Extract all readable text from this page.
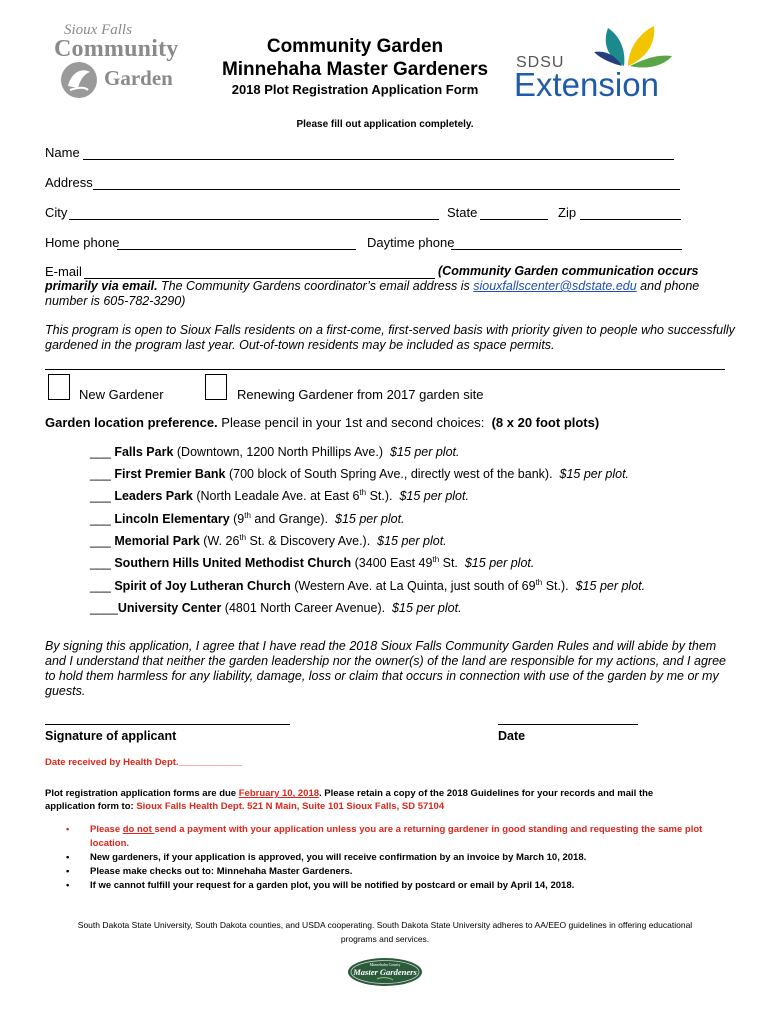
Sioux Falls
Community
Garden
Community Garden
Minnehaha Master Gardeners
2018 Plot Registration Application Form
SDSU
Extension
Please fill out application completely.
Name
Address
City	State	Zip
Home phone	Daytime phone
E-mail	(Community Garden communication occurs
primarily via email. The Community Gardens coordinator’s email address is siouxfallscenter@sdstate.edu and phone
number is 605-782-3290)
This program is open to Sioux Falls residents on a first-come, first-served basis with priority given to people who successfully gardened in the program last year. Out-of-town residents may be included as space permits.
New Gardener	Renewing Gardener from 2017 garden site
Garden location preference. Please pencil in your 1st and second choices: (8 x 20 foot plots)
___ Falls Park (Downtown, 1200 North Phillips Ave.) $15 per plot.
___ First Premier Bank (700 block of South Spring Ave., directly west of the bank). $15 per plot.
___ Leaders Park (North Leadale Ave. at East 6th St.). $15 per plot.
___ Lincoln Elementary (9th and Grange). $15 per plot.
___ Memorial Park (W. 26th St. & Discovery Ave.). $15 per plot.
___ Southern Hills United Methodist Church (3400 East 49th St. $15 per plot.
___ Spirit of Joy Lutheran Church (Western Ave. at La Quinta, just south of 69th St.). $15 per plot.
____University Center (4801 North Career Avenue). $15 per plot.
By signing this application, I agree that I have read the 2018 Sioux Falls Community Garden Rules and will abide by them and I understand that neither the garden leadership nor the owner(s) of the land are responsible for my actions, and I agree to hold them harmless for any liability, damage, loss or claim that occurs in connection with use of the garden by me or my guests.
Signature of applicant	Date
Date received by Health Dept.____________
Plot registration application forms are due February 10, 2018. Please retain a copy of the 2018 Guidelines for your records and mail the
application form to: Sioux Falls Health Dept. 521 N Main, Suite 101 Sioux Falls, SD 57104
• Please do not send a payment with your application unless you are a returning gardener in good standing and requesting the same plot location.
• New gardeners, if your application is approved, you will receive confirmation by an invoice by March 10, 2018.
• Please make checks out to: Minnehaha Master Gardeners.
• If we cannot fulfill your request for a garden plot, you will be notified by postcard or email by April 14, 2018.
South Dakota State University, South Dakota counties, and USDA cooperating. South Dakota State University adheres to AA/EEO guidelines in offering educational programs and services.
Minnehaha County
Master Gardeners
